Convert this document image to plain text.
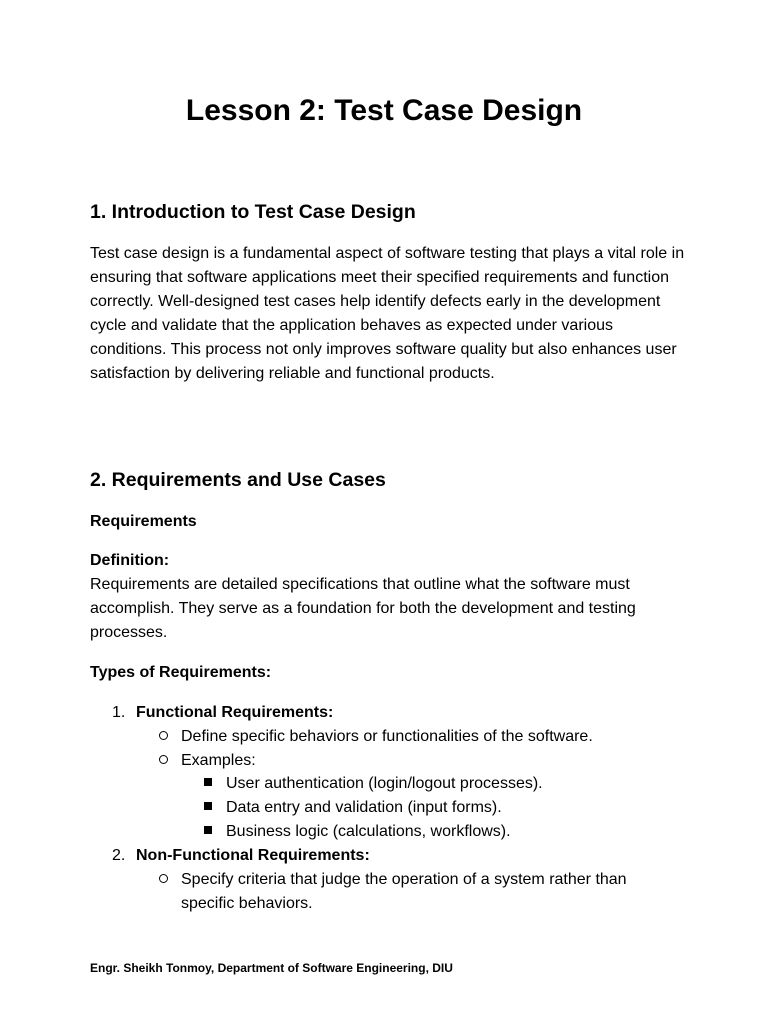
Lesson 2: Test Case Design
1. Introduction to Test Case Design

Test case design is a fundamental aspect of software testing that plays a vital role in ensuring that software applications meet their specified requirements and function correctly. Well-designed test cases help identify defects early in the development cycle and validate that the application behaves as expected under various conditions. This process not only improves software quality but also enhances user satisfaction by delivering reliable and functional products.

2. Requirements and Use Cases
Requirements
Definition:

Requirements are detailed specifications that outline what the software must accomplish. They serve as a foundation for both the development and testing processes.

Types of Requirements:
1. Functional Requirements:
Define specific behaviors or functionalities of the software.
Examples:
User authentication (login/logout processes).
Data entry and validation (input forms).
Business logic (calculations, workflows).
2. Non-Functional Requirements:

Specify criteria that judge the operation of a system rather than specific behaviors.

Engr. Sheikh Tonmoy, Department of Software Engineering, DIU
